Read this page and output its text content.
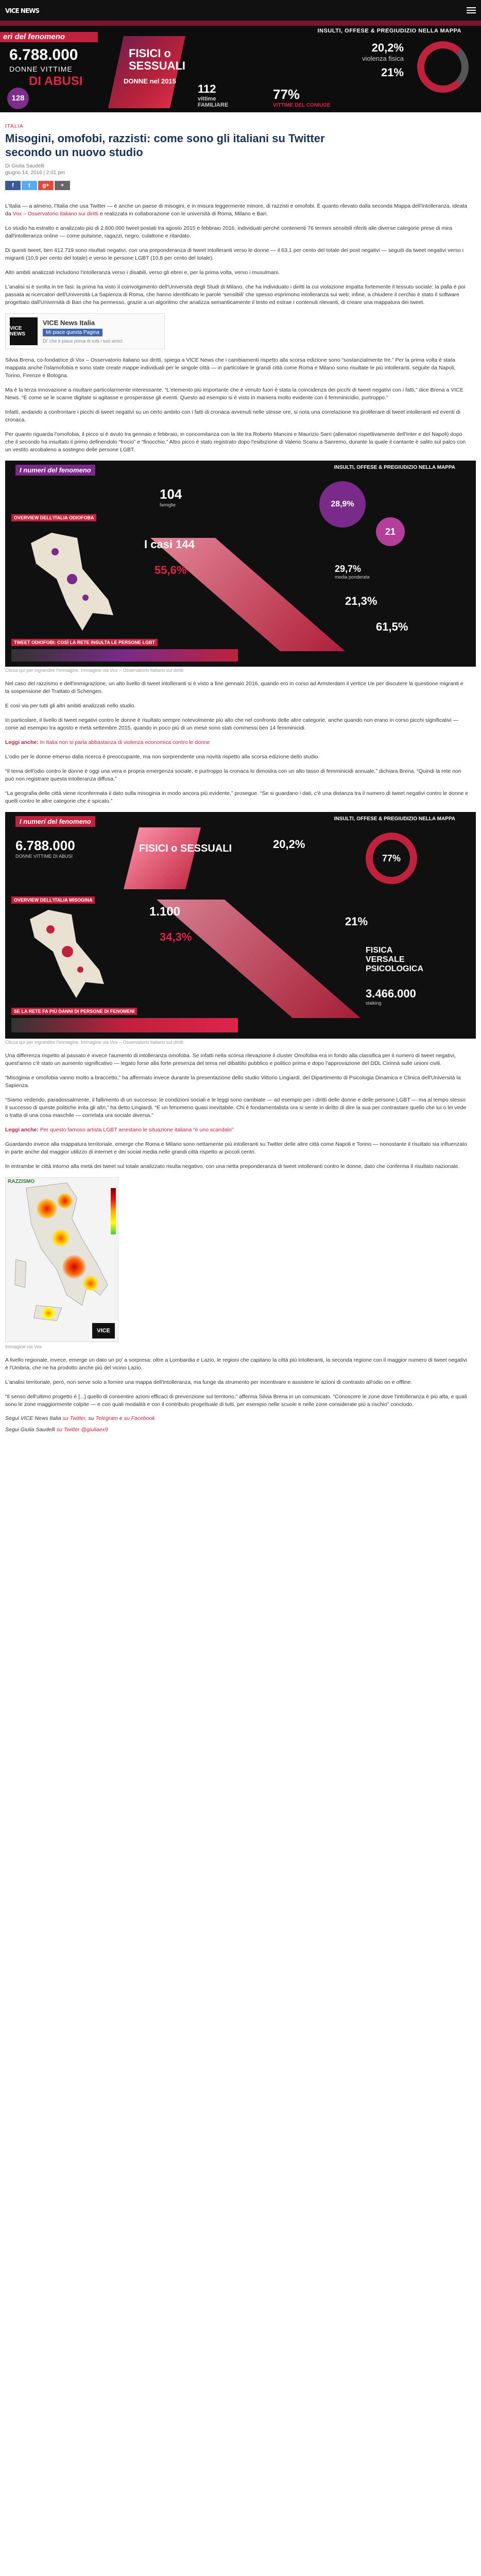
VICE NEWS
eri del fenomeno
6.788.000
DONNE VITTIME
DI ABUSI
128
FISICI o
SESSUALI
DONNE nel 2015
INSULTI, OFFESE & PREGIUDIZIO NELLA MAPPA
20,2%
violenza fisica
21%
112
vittime
FAMILIARE
77%
VITTIME DEL CONIUGE
ITALIA
Misogini, omofobi, razzisti: come sono gli italiani su Twitter secondo un nuovo studio
Di Giulia Saudelli
giugno 14, 2016 | 2:01 pm
f	t	g+	+

L'Italia — a almeno, l'Italia che usa Twitter — è anche un paese di misogini, e in misura leggermente minore, di razzisti e omofobi. È quanto rilevato dalla seconda Mappa dell'Intolleranza, ideata da Vox – Osservatorio italiano sui diritti e realizzata in collaborazione con le università di Roma, Milano e Bari.

Lo studio ha estratto e analizzato più di 2.600.000 tweet postati tra agosto 2015 e febbraio 2016, individuati perché contenenti 76 termini sensibili riferiti alle diverse categorie prese di mira dall'intolleranza online — come pulsione, ragazzi, negro, culattone e ritardato.

Di questi tweet, ben 412.719 sono risultati negativi, con una preponderanza di tweet intolleranti verso le donne — il 63,1 per cento del totale dei post negativi — seguiti da tweet negativi verso i migranti (10,9 per cento del totale) e verso le persone LGBT (10,8 per cento del totale).

Altri ambiti analizzati includono l'intolleranza verso i disabili, verso gli ebrei e, per la prima volta, verso i musulmani.

L'analisi si è svolta in tre fasi: la prima ha visto il coinvolgimento dell'Università degli Studi di Milano, che ha individuato i diritti la cui violazione impatta fortemente il tessuto sociale; la palla è poi passata ai ricercatori dell'Università La Sapienza di Roma, che hanno identificato le parole ‘sensibili’ che spesso esprimono intolleranza sui web; infine, a chiudere il cerchio è stato il software progettato dall'Università di Bari che ha permesso, grazie a un algoritmo che analizza semanticamente il testo ed estrae i contenuti rilevanti, di creare una mappatura dei tweet.

VICE NEWS
VICE News Italia
Mi piace questa Pagina
Di' che ti piace prima di tutti i tuoi amici

Silvia Brena, co-fondatrice di Vox – Osservatorio italiano sui diritti, spiega a VICE News che i cambiamenti rispetto alla scorsa edizione sono “sostanzialmente tre.” Per la prima volta è stata mappata anche l'islamofobia e sono state create mappe individuali per le singole città — in particolare le grandi città come Roma e Milano sono risultate le più intolleranti, seguite da Napoli, Torino, Firenze e Bologna.

Ma è la terza innovazione a risultare particolarmente interessante. “L'elemento più importante che è venuto fuori è stata la coincidenza dei picchi di tweet negativi con i fatti,” dice Brena a VICE News. “È come se le scarne digitate si agitasse e prosperasse gli eventi. Questo ad esempio si è visto in maniera molto evidente con il femminicidio, purtroppo.”

Infatti, andando a confrontare i picchi di tweet negativi su un certo ambito con i fatti di cronaca avvenuti nelle stesse ore, si nota una correlazione tra proliferare di tweet intolleranti ed eventi di cronaca.

Per quanto riguarda l'omofobia, il picco si è avuto tra gennaio e febbraio, in concomitanza con la lite tra Roberto Mancini e Maurizio Sarri (allenatori rispettivamente dell'Inter e del Napoli) dopo che il secondo ha insultato il primo definendolo “frocio” e “finocchio.” Altro picco è stato registrato dopo l'esibizione di Valerio Scanu a Sanremo, durante la quale il cantante è salito sul palco con un vestito arcobaleno a sostegno delle persone LGBT.

I numeri del fenomeno	INSULTI, OFFESE & PREGIUDIZIO NELLA MAPPA
104
famiglie	28,9%
21
OVERVIEW DELL'ITALIA ODIOFOBA
I casi 144
55,6%	29,7%
media ponderata
21,3%
61,5%
TWEET ODIOFOBI: COSÌ LA RETE INSULTA LE PERSONE LGBT
Clicca qui per ingrandire l'immagine. Immagine via Vox – Osservatorio italiano sui diritti

Nel caso del razzismo e dell'immigrazione, un alto livello di tweet intolleranti si è visto a fine gennaio 2016, quando ero in corso ad Amsterdam il vertice Ue per discutere la questione migranti e la sospensione del Trattato di Schengen.

E così via per tutti gli altri ambiti analizzati nello studio.

In particolare, il livello di tweet negativi contro le donne è risultato sempre notevolmente più alto che nel confronto delle altre categorie, anche quando non erano in corso picchi significativi — come ad esempio tra agosto e metà settembre 2015, quando in poco più di un mese sono stati commessi ben 14 femminicidi.

Leggi anche: In Italia non si parla abbastanza di violenza economica contro le donne

L'odio per le donne emerso dalla ricerca è preoccupante, ma non sorprendente una novità rispetto alla scorsa edizione dello studio.

“Il tema dell'odio contro le donne è oggi una vera e propria emergenza sociale, e purtroppo la cronaca lo dimostra con un alto tasso di femminicidi annuale,” dichiara Brena. “Quindi la rete non può non registrare questa intolleranza diffusa.”

“La geografia delle città viene riconfermata il dato sulla misoginia in modo ancora più evidente,” prosegue. “Se si guardano i dati, c'è una distanza tra il numero di tweet negativi contro le donne e quelli contro le altre categorie che è spicato.”

I numeri del fenomeno	INSULTI, OFFESE & PREGIUDIZIO NELLA MAPPA
6.788.000
DONNE VITTIME DI ABUSI
FISICI o SESSUALI	20,2%
77%
OVERVIEW DELL'ITALIA MISOGINA
1.100
34,3%
21%
FISICA VERSALE PSICOLOGICA
3.466.000
stalking
SE LA RETE FA PIÙ DANNI DI PERSONE DI FENOMENI
Clicca qui per ingrandire l'immagine. Immagine via Vox – Osservatorio italiano sui diritti

Una differenza rispetto al passato è invece l'aumento di intolleranza omofoba. Se infatti nella scorsa rilevazione il cluster Omofobia era in fondo alla classifica per il numero di tweet negativi, quest'anno c'è stato un aumento significativo — legato forse alla forte presenza del tema nel dibattito pubblico e politico prima e dopo l'approvazione del DDL Cirinnà sulle unioni civili.

“Misoginia e omofobia vanno molto a braccetto,” ha affermato invece durante la presentazione dello studio Vittorio Lingiardi, del Dipartimento di Psicologia Dinamica e Clinica dell'Università la Sapienza.

“Siamo vedendo, paradossalmente, il fallimento di un successo: le condizioni sociali e le leggi sono cambiate — ad esempio per i diritti delle donne e delle persone LGBT — ma al tempo stesso il successo di queste politiche irrita gli altri,” ha detto Lingiardi. “E un fenomeno quasi inevitabile. Chi è fondamentalista ora si sente in diritto di dire la sua per contrastare quello che lui o lei vede o tratta di una cosa maschile — correlata ura sociale diversa.”

Leggi anche: Per questo famoso artista LGBT arrestano le situazione italiana “è uno scandalo”

Guardando invece alla mappatura territoriale, emerge che Roma e Milano sono nettamente più intolleranti su Twitter delle altre città come Napoli e Torino — nonostante il risultato sia influenzato in parte anche dal maggior utilizzo di internet e dei social media nelle grandi città rispetto ai piccoli centri.

In entrambe le città intorno alla metà dei tweet sul totale analizzato risulta negativo, con una netta preponderanza di tweet intolleranti contro le donne, dato che conferma il risultato nazionale.

RAZZISMO
VICE
Immagine via Vox

A livello regionale, invece, emerge un dato un po' a sorpresa: oltre a Lombardia e Lazio, le regioni che capitano la città più intolleranti, la seconda regione con il maggior numero di tweet negativi è l'Umbria, che ne ha prodotto anche più del vicino Lazio.

L'analisi territoriale, però, non serve solo a fornire una mappa dell'intolleranza, ma funge da strumento per incentivare e assistere le azioni di contrasto all'odio on e offline.

“Il senso dell'ultimo progetto è [...] quello di consentire azioni efficaci di prevenzione sul territorio,” afferma Silvia Brena in un comunicato. “Conoscere le zone dove l'intolleranza è più alta, e quali sono le zone maggiormente colpite — e con quali modalità e con il contributo progettuale di tutti, per esempio nelle scuole e nelle zone considerate più a rischio” concludo.

Segui VICE News Italia su Twitter, su Telegram e su Facebook
Segui Giulia Saudelli su Twitter @giuliaex9
